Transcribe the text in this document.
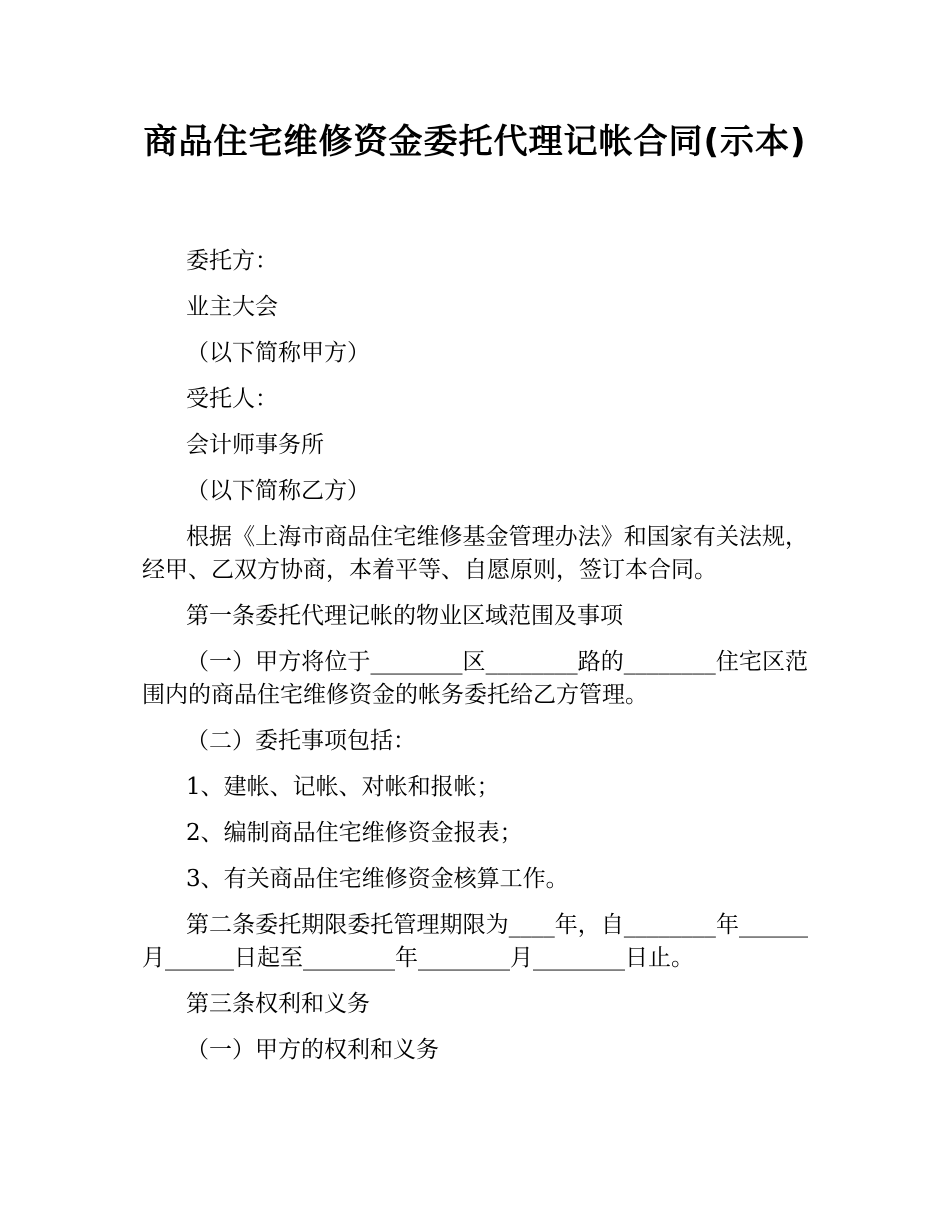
商品住宅维修资金委托代理记帐合同(示本)

委托方：

业主大会

（以下简称甲方）

受托人：

会计师事务所

（以下简称乙方）

根据《上海市商品住宅维修基金管理办法》和国家有关法规，经甲、乙双方协商，本着平等、自愿原则，签订本合同。

第一条委托代理记帐的物业区域范围及事项

（一）甲方将位于________区________路的________住宅区范围内的商品住宅维修资金的帐务委托给乙方管理。

（二）委托事项包括：

1、建帐、记帐、对帐和报帐；

2、编制商品住宅维修资金报表；

3、有关商品住宅维修资金核算工作。

第二条委托期限委托管理期限为____年，自________年______月______日起至________年________月________日止。

第三条权利和义务

（一）甲方的权利和义务
